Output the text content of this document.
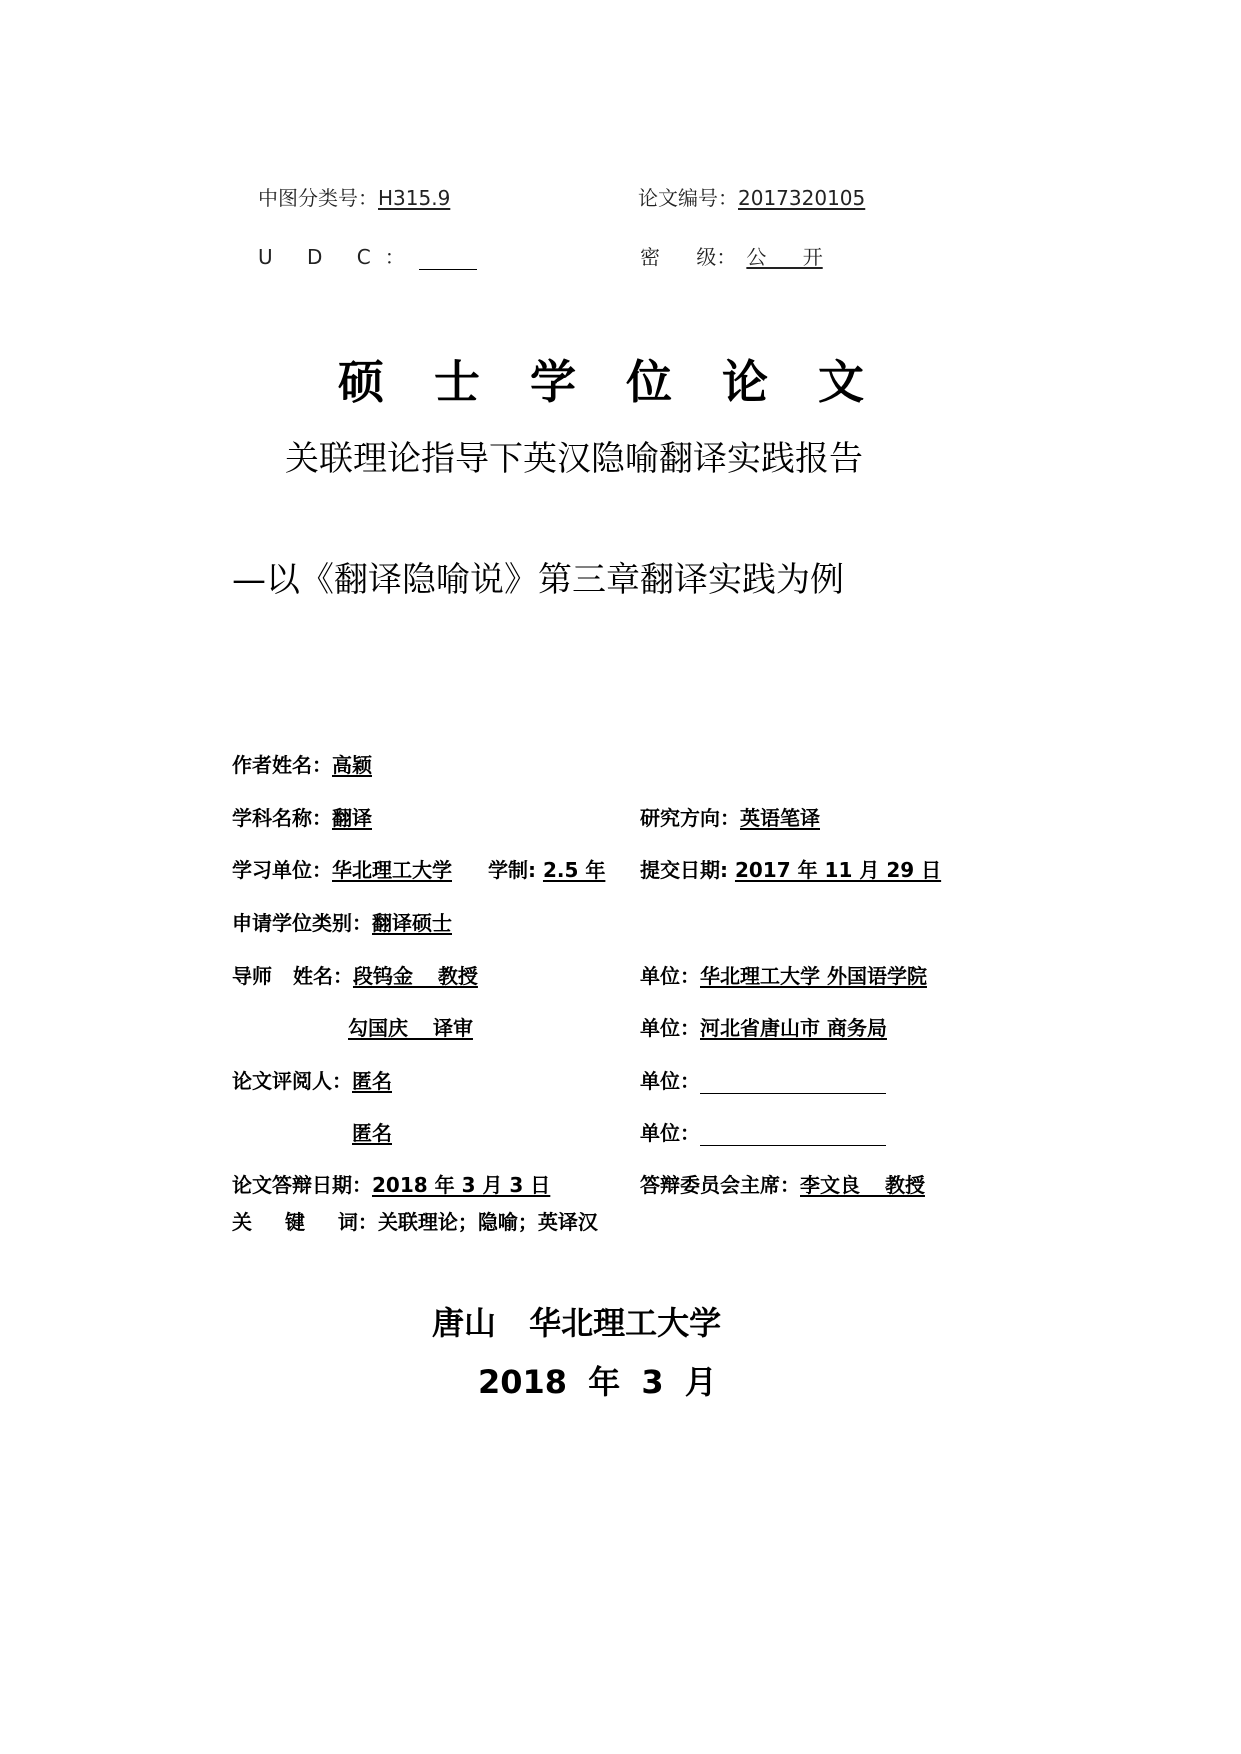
中图分类号：H315.9	论文编号：2017320105
U D C：	密 级： 公 开
硕士学位论文
关联理论指导下英汉隐喻翻译实践报告
—以《翻译隐喻说》第三章翻译实践为例
作者姓名：高颖
学科名称：翻译	研究方向：英语笔译
学习单位：华北理工大学 学制: 2.5 年 提交日期: 2017 年 11 月 29 日
申请学位类别：翻译硕士
导师 姓名：段钨金 教授	单位：华北理工大学 外国语学院
勾国庆 译审	单位：河北省唐山市 商务局
论文评阅人：匿名	单位：
匿名	单位：
论文答辩日期：2018 年 3 月 3 日	答辩委员会主席：李文良 教授
关 键 词：关联理论；隐喻；英译汉
唐山 华北理工大学
2018 年 3 月
